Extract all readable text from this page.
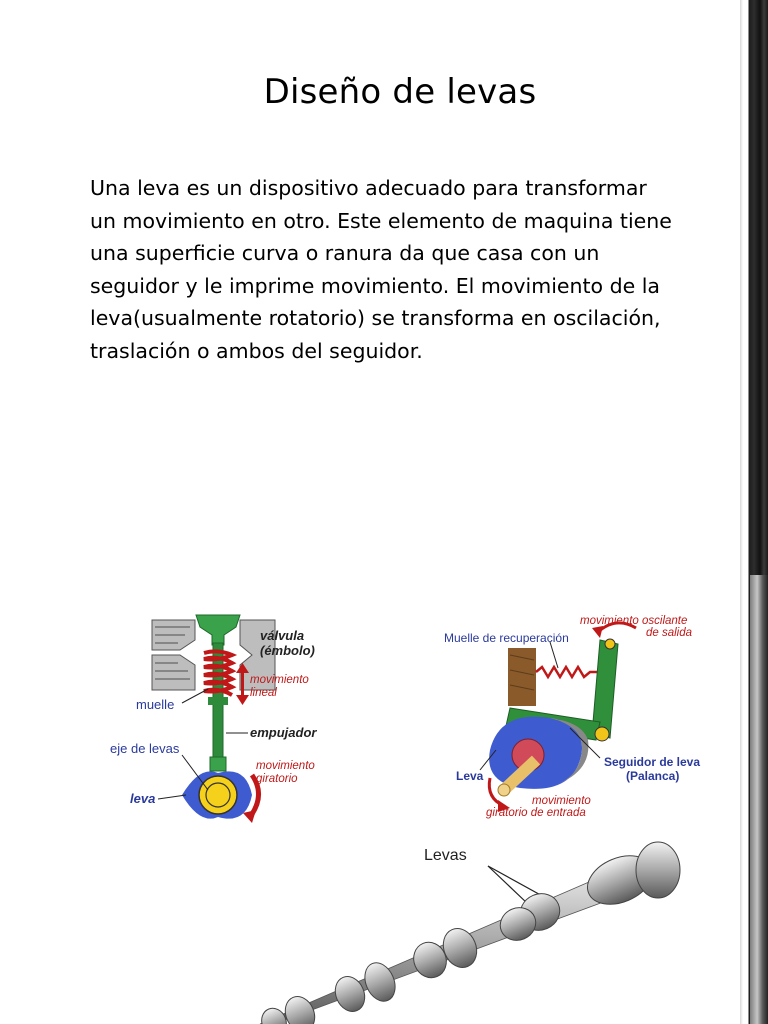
Diseño de levas

Una leva es un dispositivo adecuado para transformar
un movimiento en otro. Este elemento de maquina tiene
una superficie curva o ranura da que casa con un
seguidor y le imprime movimiento. El movimiento de la
leva(usualmente rotatorio) se transforma en oscilación,
traslación o ambos del seguidor.

válvula
(émbolo)
movimiento
lineal
muelle
empujador
eje de levas
movimiento
giratorio
leva
movimiento oscilante
de salida
Muelle de recuperación
Seguidor de leva
(Palanca)
Leva
movimiento
giratorio de entrada
Levas
